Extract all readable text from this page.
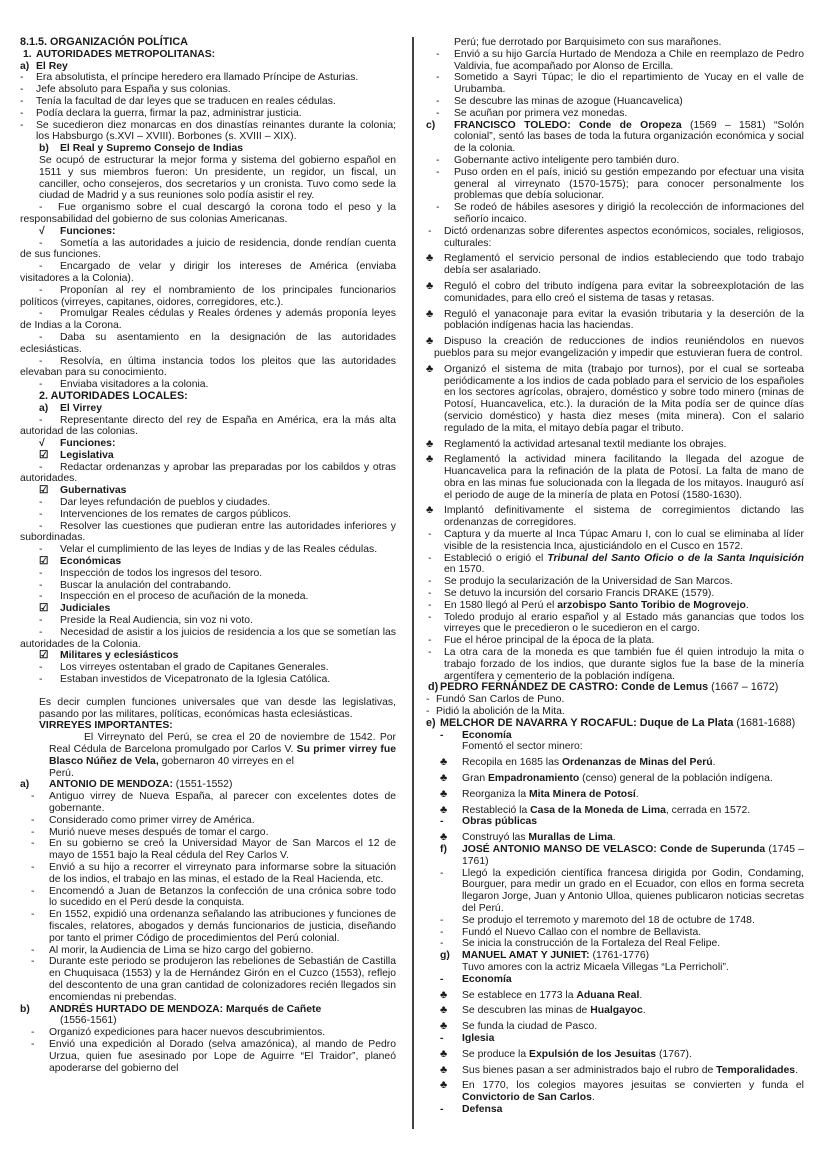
8.1.5. ORGANIZACIÓN POLÍTICA
1. AUTORIDADES METROPOLITANAS:
a) El Rey
- Era absolutista, el príncipe heredero era llamado Príncipe de Asturias.
- Jefe absoluto para España y sus colonias.
- Tenía la facultad de dar leyes que se traducen en reales cédulas.
- Podía declara la guerra, firmar la paz, administrar justicia.
- Se sucedieron diez monarcas en dos dinastías reinantes durante la colonia; los Habsburgo (s.XVI – XVIII). Borbones (s. XVIII – XIX).
b) El Real y Supremo Consejo de Indias
Se ocupó de estructurar la mejor forma y sistema del gobierno español en 1511 y sus miembros fueron: Un presidente, un regidor, un fiscal, un canciller, ocho consejeros, dos secretarios y un cronista. Tuvo como sede la ciudad de Madrid y a sus reuniones solo podía asistir el rey.
- Fue organismo sobre el cual descargó la corona todo el peso y la responsabilidad del gobierno de sus colonias Americanas.
√ Funciones:
- Sometía a las autoridades a juicio de residencia, donde rendían cuenta de sus funciones.
- Encargado de velar y dirigir los intereses de América (enviaba visitadores a la Colonia).
- Proponían al rey el nombramiento de los principales funcionarios políticos (virreyes, capitanes, oidores, corregidores, etc.).
- Promulgar Reales cédulas y Reales órdenes y además proponía leyes de Indias a la Corona.
- Daba su asentamiento en la designación de las autoridades eclesiásticas.
- Resolvía, en última instancia todos los pleitos que las autoridades elevaban para su conocimiento.
- Enviaba visitadores a la colonia.
2. AUTORIDADES LOCALES:
a) El Virrey
- Representante directo del rey de España en América, era la más alta autoridad de las colonias.
√ Funciones:
☑ Legislativa
- Redactar ordenanzas y aprobar las preparadas por los cabildos y otras autoridades.
☑ Gubernativas
- Dar leyes refundación de pueblos y ciudades.
- Intervenciones de los remates de cargos públicos.
- Resolver las cuestiones que pudieran entre las autoridades inferiores y subordinadas.
- Velar el cumplimiento de las leyes de Indias y de las Reales cédulas.
☑ Económicas
- Inspección de todos los ingresos del tesoro.
- Buscar la anulación del contrabando.
- Inspección en el proceso de acuñación de la moneda.
☑ Judiciales
- Preside la Real Audiencia, sin voz ni voto.
- Necesidad de asistir a los juicios de residencia a los que se sometían las autoridades de la Colonia.
☑ Militares y eclesiásticos
- Los virreyes ostentaban el grado de Capitanes Generales.
- Estaban investidos de Vicepatronato de la Iglesia Católica.
Es decir cumplen funciones universales que van desde las legislativas, pasando por las militares, políticas, económicas hasta eclesiásticas.
VIRREYES IMPORTANTES:
El Virreynato del Perú, se crea el 20 de noviembre de 1542. Por Real Cédula de Barcelona promulgado por Carlos V. Su primer virrey fue Blasco Núñez de Vela, gobernaron 40 virreyes en el
Perú.
a) ANTONIO DE MENDOZA: (1551-1552)
- Antiguo virrey de Nueva España, al parecer con excelentes dotes de gobernante.
- Considerado como primer virrey de América.
- Murió nueve meses después de tomar el cargo.
- En su gobierno se creó la Universidad Mayor de San Marcos el 12 de mayo de 1551 bajo la Real cédula del Rey Carlos V.
- Envió a su hijo a recorrer el virreynato para informarse sobre la situación de los indios, el trabajo en las minas, el estado de la Real Hacienda, etc.
- Encomendó a Juan de Betanzos la confección de una crónica sobre todo lo sucedido en el Perú desde la conquista.
- En 1552, expidió una ordenanza señalando las atribuciones y funciones de fiscales, relatores, abogados y demás funcionarios de justicia, diseñando por tanto el primer Código de procedimientos del Perú colonial.
- Al morir, la Audiencia de Lima se hizo cargo del gobierno.
- Durante este periodo se produjeron las rebeliones de Sebastián de Castilla en Chuquisaca (1553) y la de Hernández Girón en el Cuzco (1553), reflejo del descontento de una gran cantidad de colonizadores recién llegados sin encomiendas ni prebendas.
b) ANDRÉS HURTADO DE MENDOZA: Marqués de Cañete
(1556-1561)
- Organizó expediciones para hacer nuevos descubrimientos.
- Envió una expedición al Dorado (selva amazónica), al mando de Pedro Urzua, quien fue asesinado por Lope de Aguirre “El Traidor”, planeó apoderarse del gobierno del
Perú; fue derrotado por Barquisimeto con sus marañones.
- Envió a su hijo García Hurtado de Mendoza a Chile en reemplazo de Pedro Valdivia, fue acompañado por Alonso de Ercilla.
- Sometido a Sayri Túpac; le dio el repartimiento de Yucay en el valle de Urubamba.
- Se descubre las minas de azogue (Huancavelica)
- Se acuñan por primera vez monedas.
c) FRANCISCO TOLEDO: Conde de Oropeza (1569 – 1581) “Solón colonial”, sentó las bases de toda la futura organización económica y social de la colonia.
- Gobernante activo inteligente pero también duro.
- Puso orden en el país, inició su gestión empezando por efectuar una visita general al virreynato (1570-1575); para conocer personalmente los problemas que debía solucionar.
- Se rodeó de hábiles asesores y dirigió la recolección de informaciones del señorío incaico.
- Dictó ordenanzas sobre diferentes aspectos económicos, sociales, religiosos, culturales:
♣ Reglamentó el servicio personal de indios estableciendo que todo trabajo debía ser asalariado.
♣ Reguló el cobro del tributo indígena para evitar la sobreexplotación de las comunidades, para ello creó el sistema de tasas y retasas.
♣ Reguló el yanaconaje para evitar la evasión tributaria y la deserción de la población indígenas hacia las haciendas.
♣ Dispuso la creación de reducciones de indios reuniéndolos en nuevos pueblos para su mejor evangelización y impedir que estuvieran fuera de control.
♣ Organizó el sistema de mita (trabajo por turnos), por el cual se sorteaba periódicamente a los indios de cada poblado para el servicio de los españoles en los sectores agrícolas, obrajero, doméstico y sobre todo minero (minas de Potosí, Huancavelica, etc.). la duración de la Mita podía ser de quince días (servicio doméstico) y hasta diez meses (mita minera). Con el salario regulado de la mita, el mitayo debía pagar el tributo.
♣ Reglamentó la actividad artesanal textil mediante los obrajes.
♣ Reglamentó la actividad minera facilitando la llegada del azogue de Huancavelica para la refinación de la plata de Potosí. La falta de mano de obra en las minas fue solucionada con la llegada de los mitayos. Inauguró así el periodo de auge de la minería de plata en Potosí (1580-1630).
♣ Implantó definitivamente el sistema de corregimientos dictando las ordenanzas de corregidores.
- Captura y da muerte al Inca Túpac Amaru I, con lo cual se eliminaba al líder visible de la resistencia Inca, ajusticiándolo en el Cusco en 1572.
- Estableció o erigió el Tribunal del Santo Oficio o de la Santa Inquisición en 1570.
- Se produjo la secularización de la Universidad de San Marcos.
- Se detuvo la incursión del corsario Francis DRAKE (1579).
- En 1580 llegó al Perú el arzobispo Santo Toribio de Mogrovejo.
- Toledo produjo al erario español y al Estado más ganancias que todos los virreyes que le precedieron o le sucedieron en el cargo.
- Fue el héroe principal de la época de la plata.
- La otra cara de la moneda es que también fue él quien introdujo la mita o trabajo forzado de los indios, que durante siglos fue la base de la minería argentífera y cementerio de la población indígena.
d) PEDRO FERNÁNDEZ DE CASTRO: Conde de Lemus (1667 – 1672)
- Fundó San Carlos de Puno.
- Pidió la abolición de la Mita.
e) MELCHOR DE NAVARRA Y ROCAFUL: Duque de La Plata (1681-1688)
- Economía
Fomentó el sector minero:
♣ Recopila en 1685 las Ordenanzas de Minas del Perú.
♣ Gran Empadronamiento (censo) general de la población indígena.
♣ Reorganiza la Mita Minera de Potosí.
♣ Restableció la Casa de la Moneda de Lima, cerrada en 1572.
- Obras públicas
♣ Construyó las Murallas de Lima.
f) JOSÉ ANTONIO MANSO DE VELASCO: Conde de Superunda (1745 – 1761)
- Llegó la expedición científica francesa dirigida por Godin, Condaming, Bourguer, para medir un grado en el Ecuador, con ellos en forma secreta llegaron Jorge, Juan y Antonio Ulloa, quienes publicaron noticias secretas del Perú.
- Se produjo el terremoto y maremoto del 18 de octubre de 1748.
- Fundó el Nuevo Callao con el nombre de Bellavista.
- Se inicia la construcción de la Fortaleza del Real Felipe.
g) MANUEL AMAT Y JUNIET: (1761-1776)
Tuvo amores con la actriz Micaela Villegas “La Perricholi”.
- Economía
♣ Se establece en 1773 la Aduana Real.
♣ Se descubren las minas de Hualgayoc.
♣ Se funda la ciudad de Pasco.
- Iglesia
♣ Se produce la Expulsión de los Jesuitas (1767).
♣ Sus bienes pasan a ser administrados bajo el rubro de Temporalidades.
♣ En 1770, los colegios mayores jesuitas se convierten y funda el Convictorio de San Carlos.
- Defensa
